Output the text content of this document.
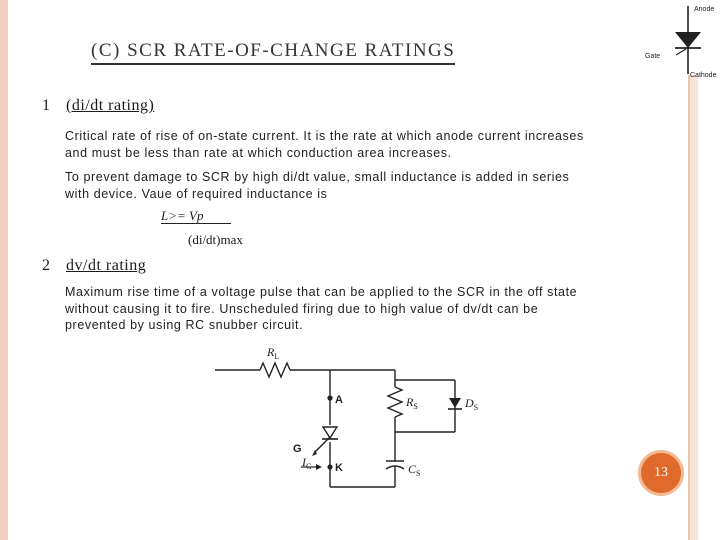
Anode
Gate
Cathode
(C) SCR RATE-OF-CHANGE RATINGS
1 (di/dt rating)
Critical rate of rise of on-state current. It is the rate at which anode current increases
and must be less than rate at which conduction area increases.
To prevent damage to SCR by high di/dt value, small inductance is added in series
with device. Vaue of required inductance is
L>= Vp
(di/dt)max
2 dv/dt rating
Maximum rise time of a voltage pulse that can be applied to the SCR in the off state
without causing it to fire. Unscheduled firing due to high value of dv/dt can be
prevented by using RC snubber circuit.
$R_L$
A	$R_S$	$D_S$
G
$I_G$ K	$C_S$	13
